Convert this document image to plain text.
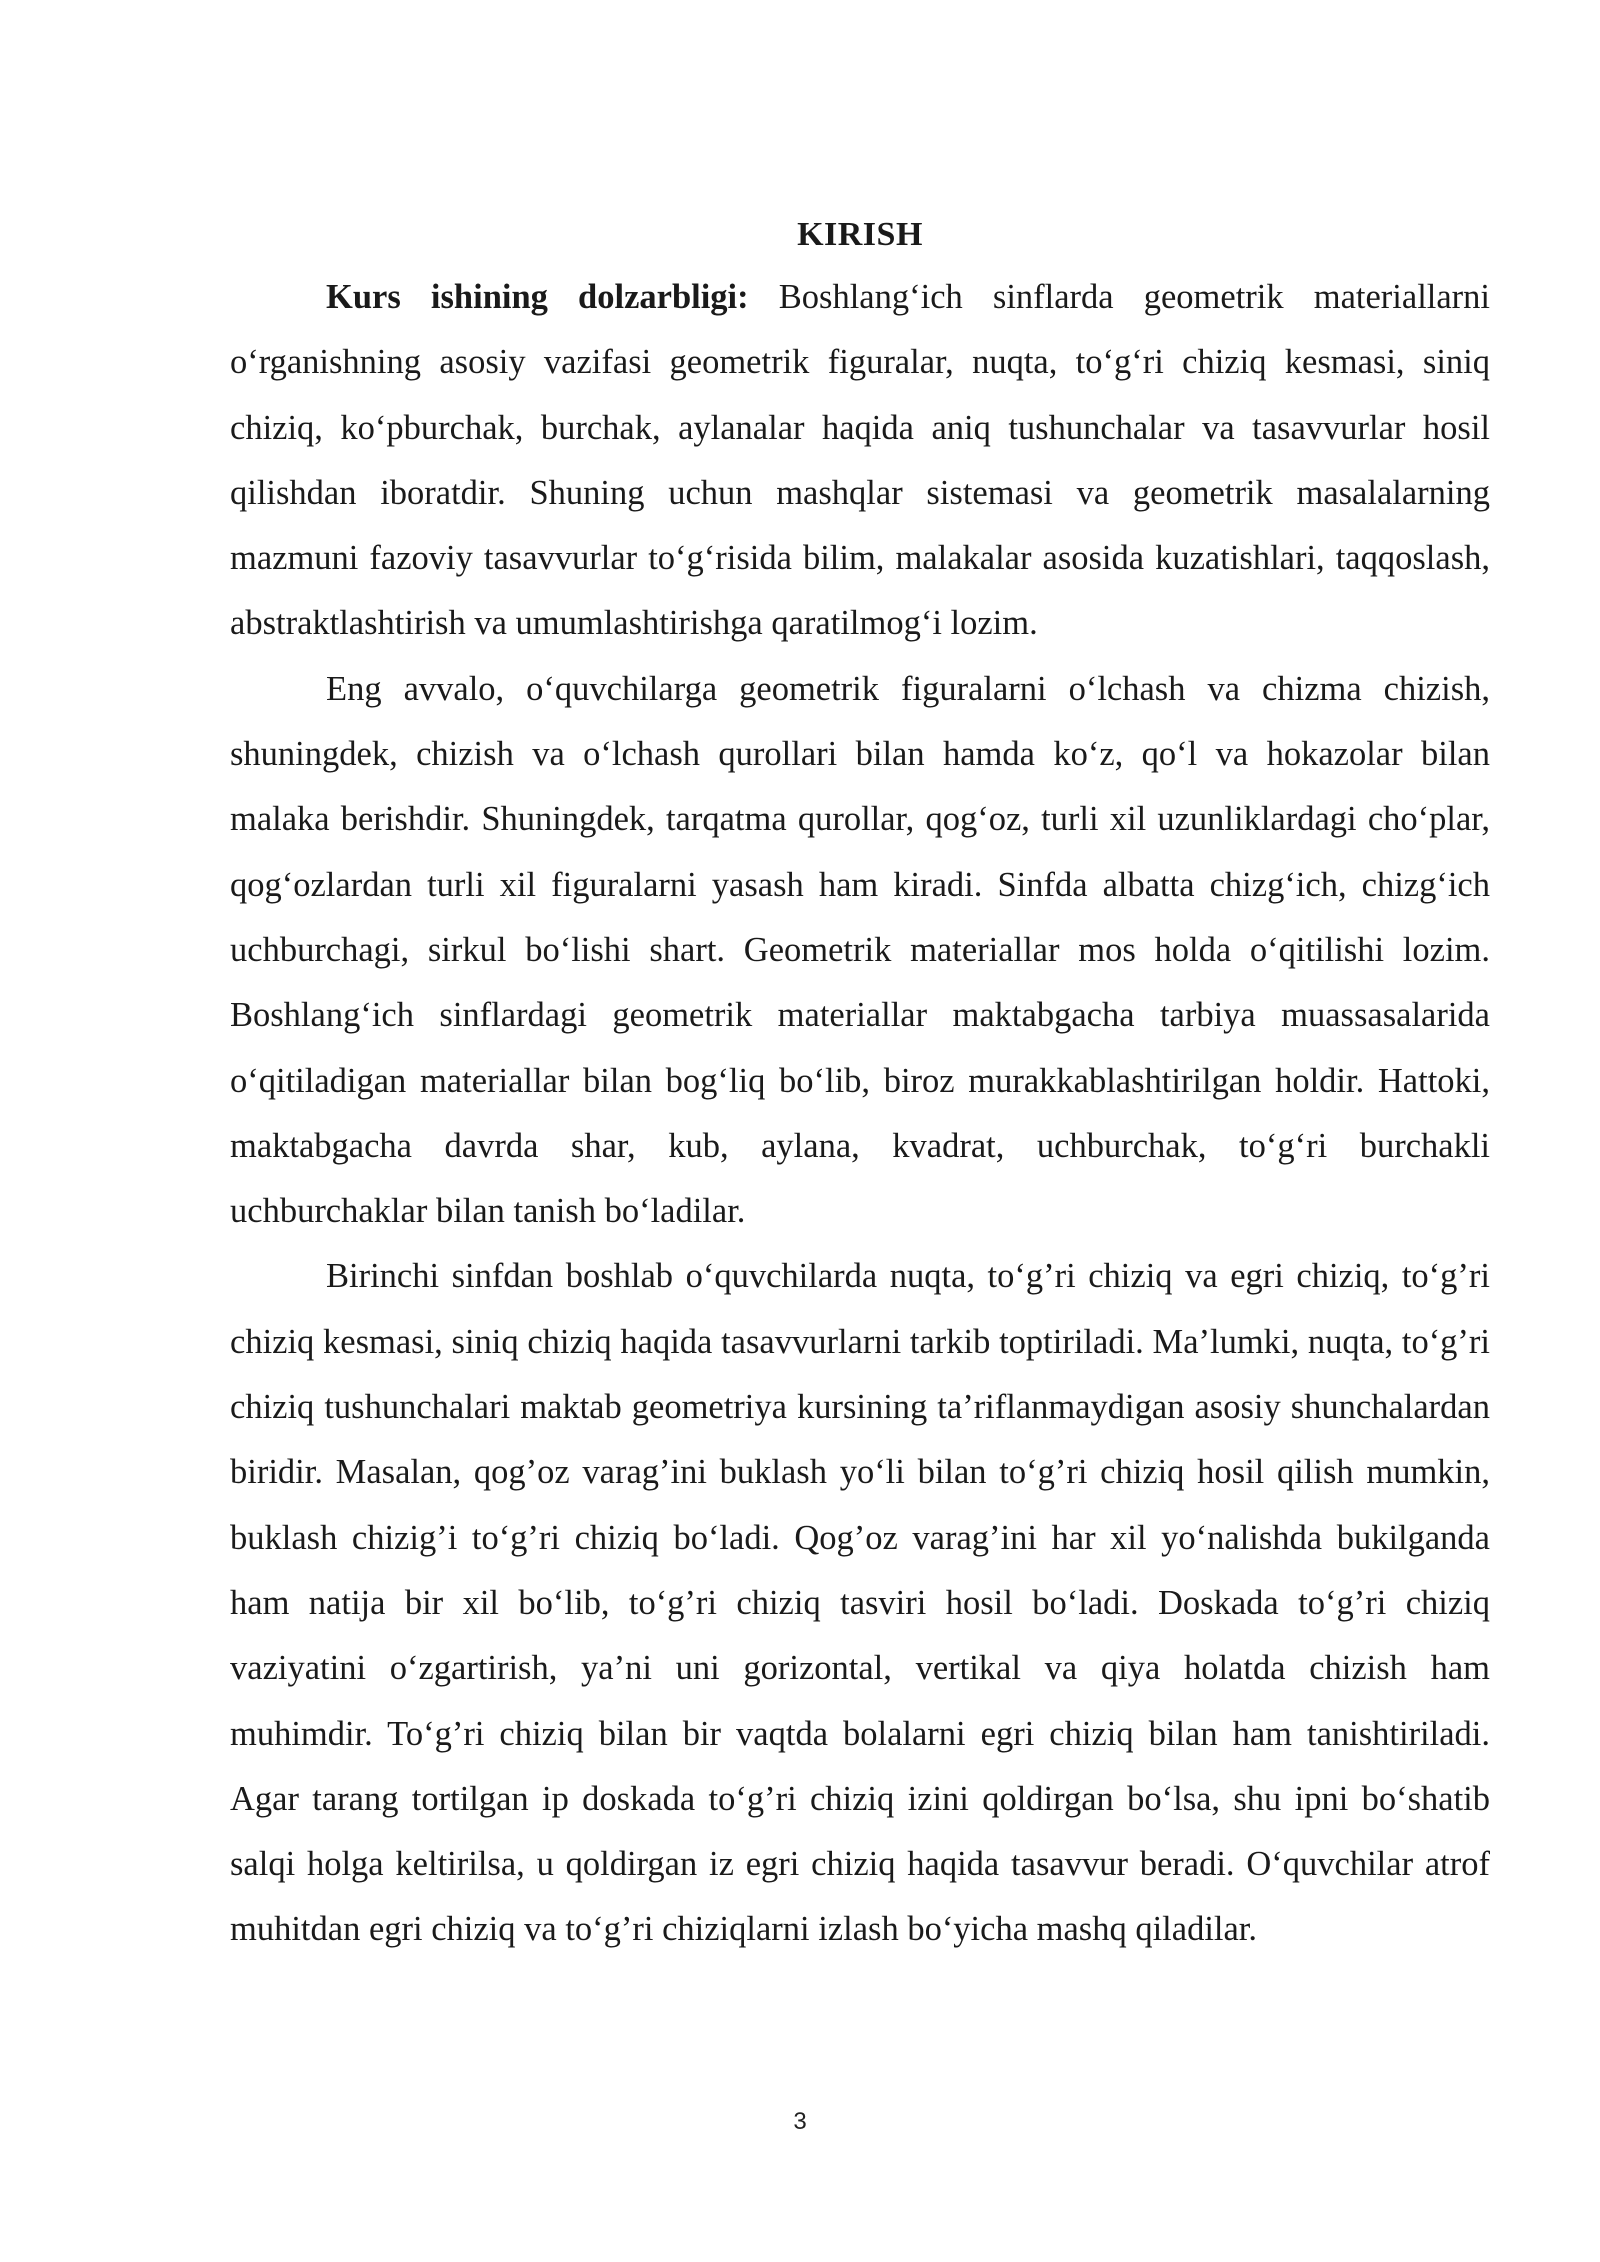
KIRISH

Kurs ishining dolzarbligi: Boshlang‘ich sinflarda geometrik materiallarni o‘rganishning asosiy vazifasi geometrik figuralar, nuqta, to‘g‘ri chiziq kesmasi, siniq chiziq, ko‘pburchak, burchak, aylanalar haqida aniq tushunchalar va tasavvurlar hosil qilishdan iboratdir. Shuning uchun mashqlar sistemasi va geometrik masalalarning mazmuni fazoviy tasavvurlar to‘g‘risida bilim, malakalar asosida kuzatishlari, taqqoslash, abstraktlashtirish va umumlashtirishga qaratilmog‘i lozim.

Eng avvalo, o‘quvchilarga geometrik figuralarni o‘lchash va chizma chizish, shuningdek, chizish va o‘lchash qurollari bilan hamda ko‘z, qo‘l va hokazolar bilan malaka berishdir. Shuningdek, tarqatma qurollar, qog‘oz, turli xil uzunliklardagi cho‘plar, qog‘ozlardan turli xil figuralarni yasash ham kiradi. Sinfda albatta chizg‘ich, chizg‘ich uchburchagi, sirkul bo‘lishi shart. Geometrik materiallar mos holda o‘qitilishi lozim. Boshlang‘ich sinflardagi geometrik materiallar maktabgacha tarbiya muassasalarida o‘qitiladigan materiallar bilan bog‘liq bo‘lib, biroz murakkablashtirilgan holdir. Hattoki, maktabgacha davrda shar, kub, aylana, kvadrat, uchburchak, to‘g‘ri burchakli uchburchaklar bilan tanish bo‘ladilar.

Birinchi sinfdan boshlab o‘quvchilarda nuqta, to‘g’ri chiziq va egri chiziq, to‘g’ri chiziq kesmasi, siniq chiziq haqida tasavvurlarni tarkib toptiriladi. Ma’lumki, nuqta, to‘g’ri chiziq tushunchalari maktab geometriya kursining ta’riflanmaydigan asosiy shunchalardan biridir. Masalan, qog’oz varag’ini buklash yo‘li bilan to‘g’ri chiziq hosil qilish mumkin, buklash chizig’i to‘g’ri chiziq bo‘ladi. Qog’oz varag’ini har xil yo‘nalishda bukilganda ham natija bir xil bo‘lib, to‘g’ri chiziq tasviri hosil bo‘ladi. Doskada to‘g’ri chiziq vaziyatini o‘zgartirish, ya’ni uni gorizontal, vertikal va qiya holatda chizish ham muhimdir. To‘g’ri chiziq bilan bir vaqtda bolalarni egri chiziq bilan ham tanishtiriladi. Agar tarang tortilgan ip doskada to‘g’ri chiziq izini qoldirgan bo‘lsa, shu ipni bo‘shatib salqi holga keltirilsa, u qoldirgan iz egri chiziq haqida tasavvur beradi. O‘quvchilar atrof muhitdan egri chiziq va to‘g’ri chiziqlarni izlash bo‘yicha mashq qiladilar.

3
